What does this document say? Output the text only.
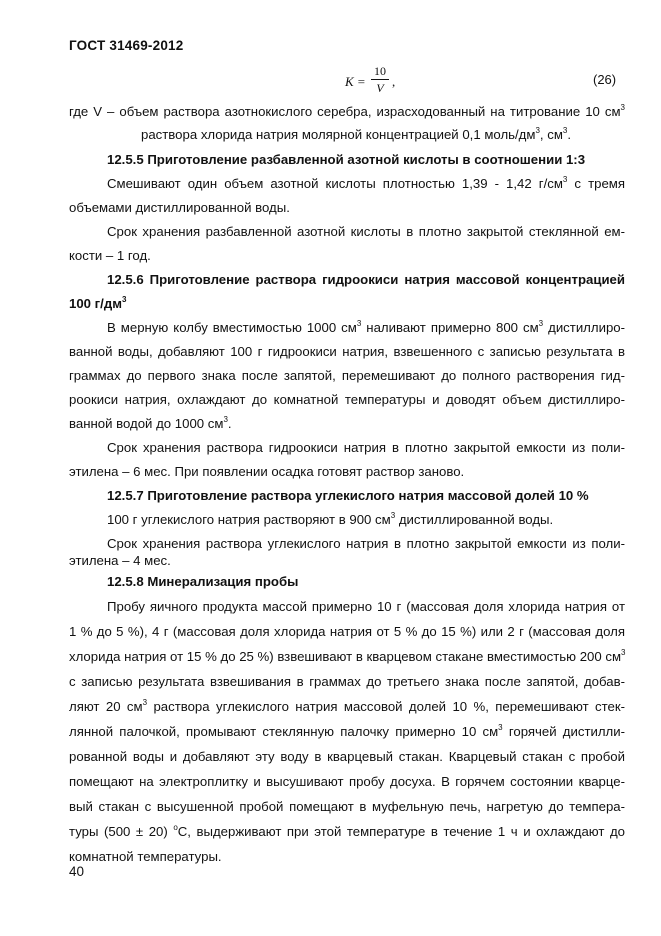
ГОСТ 31469-2012
K =
10
V ,	(26)
где V – объем раствора азотнокислого серебра, израсходованный на титрование 10 $см^3$
раствора хлорида натрия молярной концентрацией 0,1 моль/$дм^3$, $см^3$.
12.5.5 Приготовление разбавленной азотной кислоты в соотношении 1:3
Смешивают один объем азотной кислоты плотностью 1,39 - 1,42 $г/см^3$ с тремя
объемами дистиллированной воды.
Срок хранения разбавленной азотной кислоты в плотно закрытой стеклянной ем-
кости – 1 год.
12.5.6 Приготовление раствора гидроокиси натрия массовой концентрацией
100 $г/дм^3$
В мерную колбу вместимостью 1000 $см^3$ наливают примерно 800 $см^3$ дистиллиро-
ванной воды, добавляют 100 г гидроокиси натрия, взвешенного с записью результата в
граммах до первого знака после запятой, перемешивают до полного растворения гид-
роокиси натрия, охлаждают до комнатной температуры и доводят объем дистиллиро-
ванной водой до 1000 $см^3$.
Срок хранения раствора гидроокиси натрия в плотно закрытой емкости из поли-
этилена – 6 мес. При появлении осадка готовят раствор заново.
12.5.7 Приготовление раствора углекислого натрия массовой долей 10 %
100 г углекислого натрия растворяют в 900 $см^3$ дистиллированной воды.
Срок хранения раствора углекислого натрия в плотно закрытой емкости из поли-
этилена – 4 мес.
12.5.8 Минерализация пробы
Пробу яичного продукта массой примерно 10 г (массовая доля хлорида натрия от
1 % до 5 %), 4 г (массовая доля хлорида натрия от 5 % до 15 %) или 2 г (массовая доля
хлорида натрия от 15 % до 25 %) взвешивают в кварцевом стакане вместимостью 200 $см^3$
с записью результата взвешивания в граммах до третьего знака после запятой, добав-
ляют 20 $см^3$ раствора углекислого натрия массовой долей 10 %, перемешивают стек-
лянной палочкой, промывают стеклянную палочку примерно 10 $см^3$ горячей дистилли-
рованной воды и добавляют эту воду в кварцевый стакан. Кварцевый стакан с пробой
помещают на электроплитку и высушивают пробу досуха. В горячем состоянии кварце-
вый стакан с высушенной пробой помещают в муфельную печь, нагретую до темпера-
туры (500 ± 20) $^o$С, выдерживают при этой температуре в течение 1 ч и охлаждают до
комнатной температуры.
40
